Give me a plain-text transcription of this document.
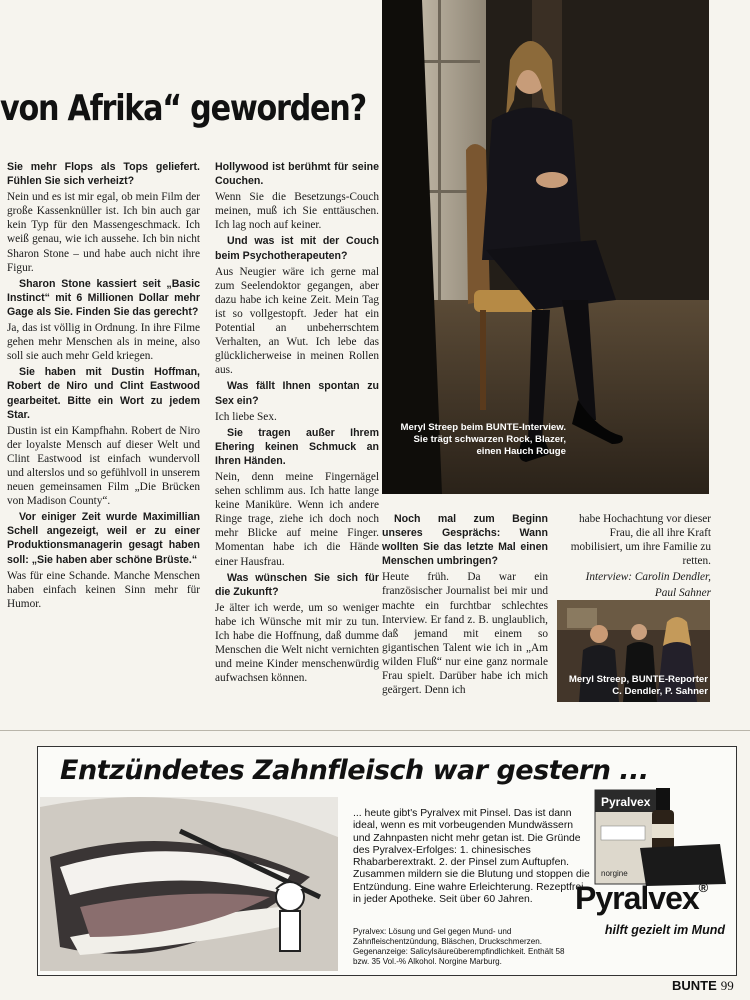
von Afrika“ geworden?

Sie mehr Flops als Tops geliefert. Fühlen Sie sich verheizt?

Nein und es ist mir egal, ob mein Film der große Kassenknüller ist. Ich bin auch gar kein Typ für den Massengeschmack. Ich weiß genau, wie ich aussehe. Ich bin nicht Sharon Stone – und habe auch nicht ihre Figur.

Sharon Stone kassiert seit „Basic Instinct“ mit 6 Millionen Dollar mehr Gage als Sie. Finden Sie das gerecht?

Ja, das ist völlig in Ordnung. In ihre Filme gehen mehr Menschen als in meine, also soll sie auch mehr Geld kriegen.

Sie haben mit Dustin Hoffman, Robert de Niro und Clint Eastwood gearbeitet. Bitte ein Wort zu jedem Star.

Dustin ist ein Kampfhahn. Robert de Niro der loyalste Mensch auf dieser Welt und Clint Eastwood ist einfach wundervoll und alterslos und so gefühlvoll in unserem neuen gemeinsamen Film „Die Brücken von Madison County“.

Vor einiger Zeit wurde Maximillian Schell angezeigt, weil er zu einer Produktionsmanagerin gesagt haben soll: „Sie haben aber schöne Brüste.“

Was für eine Schande. Manche Menschen haben einfach keinen Sinn mehr für Humor.

Hollywood ist berühmt für seine Couchen.

Wenn Sie die Besetzungs-Couch meinen, muß ich Sie enttäuschen. Ich lag noch auf keiner.

Und was ist mit der Couch beim Psychotherapeuten?

Aus Neugier wäre ich gerne mal zum Seelendoktor gegangen, aber dazu habe ich keine Zeit. Mein Tag ist so vollgestopft. Jeder hat ein Potential an unbeherrschtem Verhalten, an Wut. Ich lebe das glücklicherweise in meinen Rollen aus.

Was fällt Ihnen spontan zu Sex ein?

Ich liebe Sex.

Sie tragen außer Ihrem Ehering keinen Schmuck an Ihren Händen.

Nein, denn meine Fingernägel sehen schlimm aus. Ich hatte lange keine Maniküre. Wenn ich andere Ringe trage, ziehe ich doch noch mehr Blicke auf meine Finger. Momentan habe ich die Hände einer Hausfrau.

Was wünschen Sie sich für die Zukunft?

Je älter ich werde, um so weniger habe ich Wünsche mit mir zu tun. Ich habe die Hoffnung, daß dumme Menschen die Welt nicht vernichten und meine Kinder menschenwürdig aufwachsen können.

Meryl Streep beim BUNTE-Interview. Sie trägt schwarzen Rock, Blazer, einen Hauch Rouge

Noch mal zum Beginn unseres Gesprächs: Wann wollten Sie das letzte Mal einen Menschen umbringen?

Heute früh. Da war ein französischer Journalist bei mir und machte ein furchtbar schlechtes Interview. Er fand z. B. unglaublich, daß jemand mit einem so gigantischen Talent wie ich in „Am wilden Fluß“ nur eine ganz normale Frau spielt. Darüber habe ich mich geärgert. Denn ich

habe Hochachtung vor dieser Frau, die all ihre Kraft mobilisiert, um ihre Familie zu retten.

Interview: Carolin Dendler,

Paul Sahner

Meryl Streep, BUNTE-Reporter C. Dendler, P. Sahner
Entzündetes Zahnfleisch war gestern ...
... heute gibt's Pyralvex mit Pinsel. Das ist dann ideal, wenn es mit vorbeugenden Mundwässern und Zahnpasten nicht mehr getan ist. Die Gründe des Pyralvex-Erfolges: 1. chinesisches Rhabarberextrakt. 2. der Pinsel zum Auftupfen. Zusammen mildern sie die Blutung und stoppen die Entzündung. Eine wahre Erleichterung. Rezeptfrei in jeder Apotheke. Seit über 60 Jahren.
Pyralvex: Lösung und Gel gegen Mund- und Zahnfleischentzündung, Bläschen, Druckschmerzen. Gegenanzeige: Salicylsäureüberempfindlichkeit. Enthält 58 bzw. 35 Vol.-% Alkohol. Norgine Marburg.
Pyralvex
norgine
Pyralvex®
hilft gezielt im Mund
BUNTE 99
